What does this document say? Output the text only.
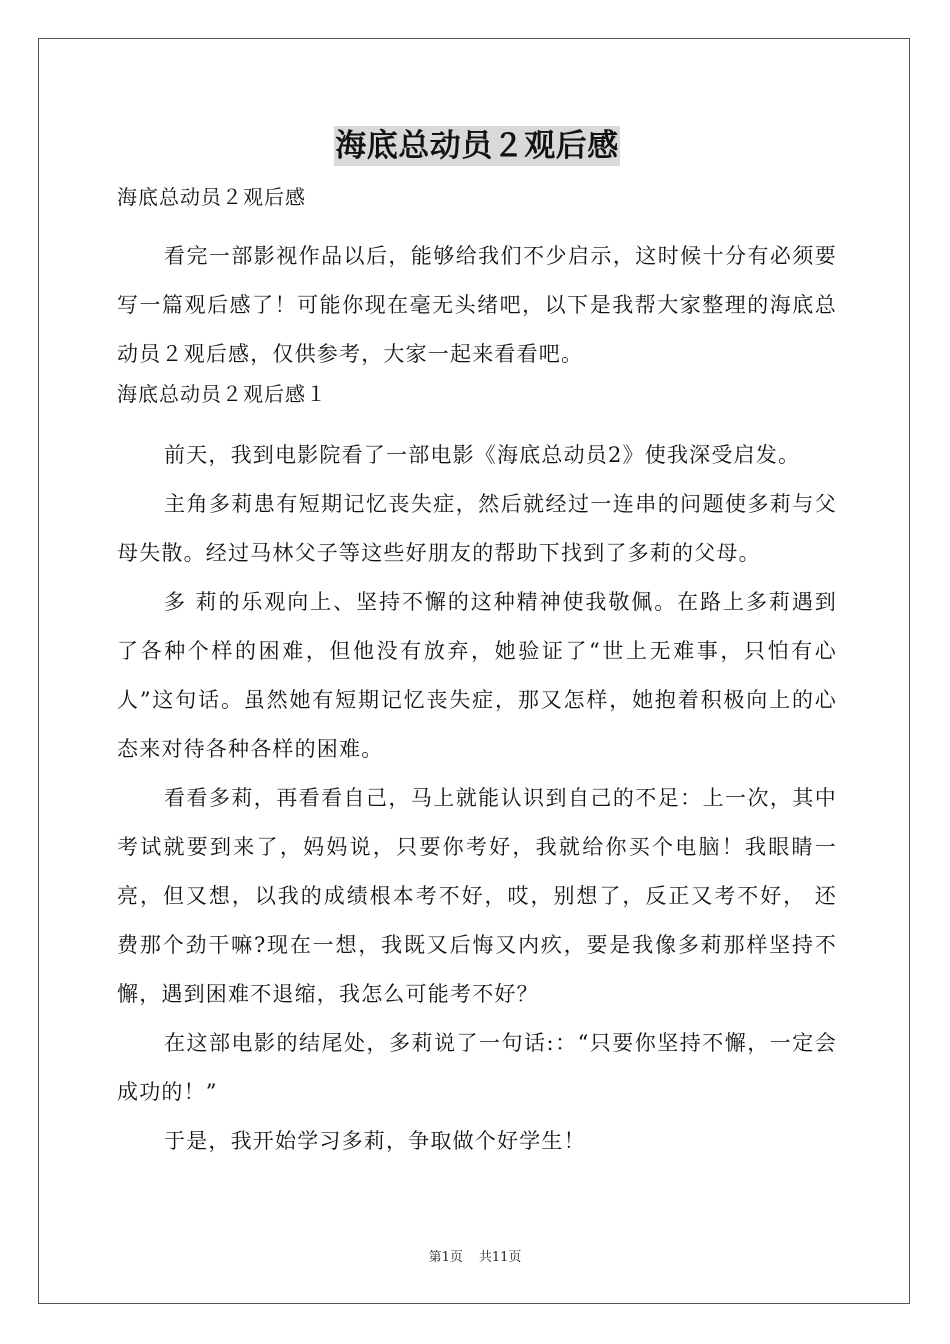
海底总动员２观后感
海底总动员２观后感

看完一部影视作品以后，能够给我们不少启示，这时候十分有必须要写一篇观后感了！可能你现在毫无头绪吧，以下是我帮大家整理的海底总动员２观后感，仅供参考，大家一起来看看吧。

海底总动员２观后感１

前天，我到电影院看了一部电影《海底总动员2》使我深受启发。

主角多莉患有短期记忆丧失症，然后就经过一连串的问题使多莉与父母失散。经过马林父子等这些好朋友的帮助下找到了多莉的父母。

多 莉的乐观向上、坚持不懈的这种精神使我敬佩。在路上多莉遇到了各种个样的困难，但他没有放弃，她验证了“世上无难事，只怕有心人”这句话。虽然她有短期记忆丧失症，那又怎样，她抱着积极向上的心态来对待各种各样的困难。

看看多莉，再看看自己，马上就能认识到自己的不足：上一次，其中考试就要到来了，妈妈说，只要你考好，我就给你买个电脑！我眼睛一亮，但又想，以我的成绩根本考不好，哎，别想了，反正又考不好， 还 费那个劲干嘛?现在一想，我既又后悔又内疚，要是我像多莉那样坚持不懈，遇到困难不退缩，我怎么可能考不好？

在这部电影的结尾处，多莉说了一句话:：“只要你坚持不懈，一定会成功的！”

于是，我开始学习多莉，争取做个好学生！

第1页 共11页
